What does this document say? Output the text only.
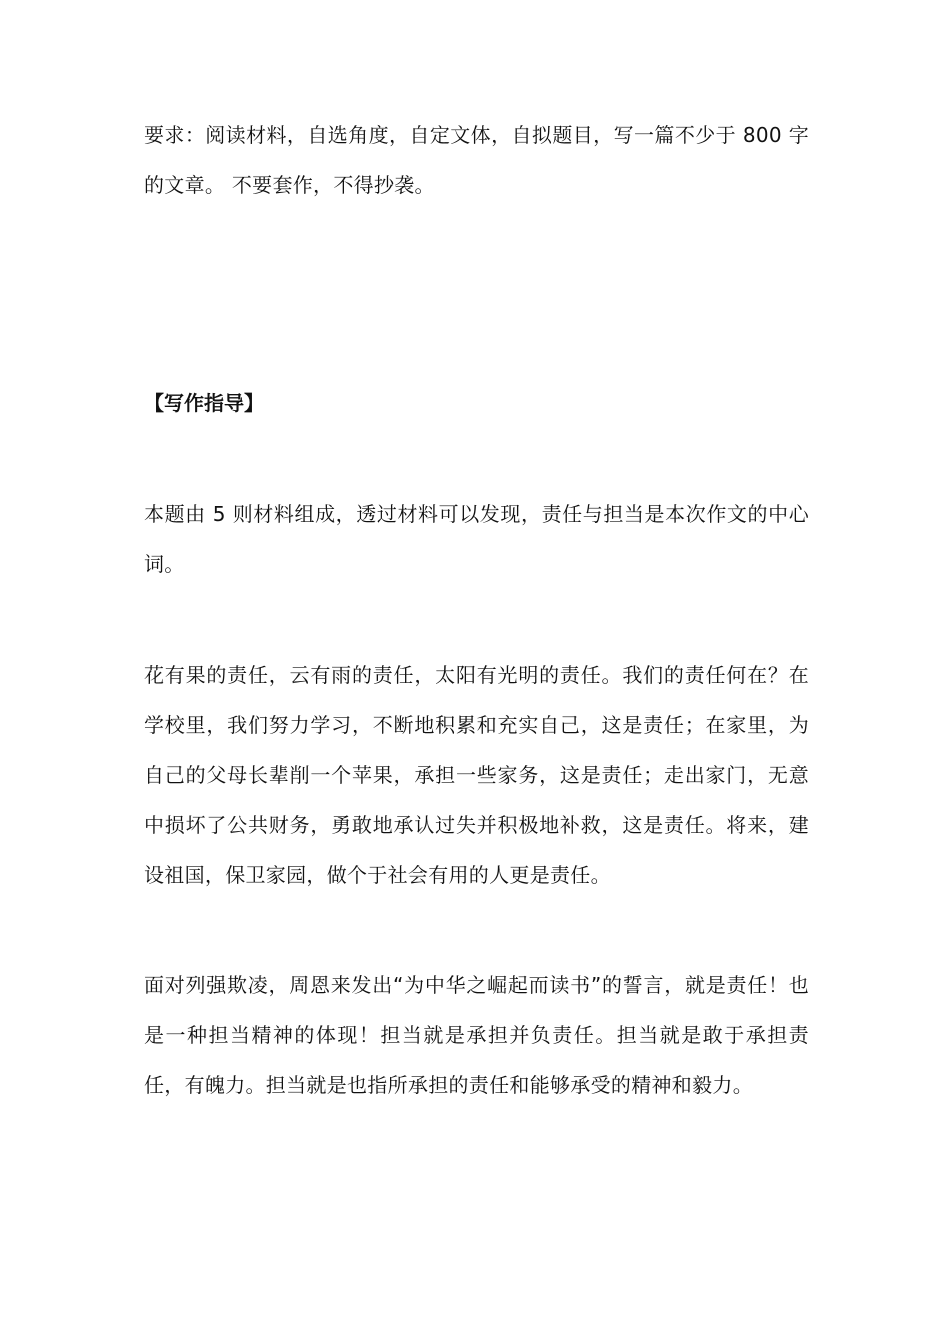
要求：阅读材料，自选角度，自定文体，自拟题目，写一篇不少于 800 字的文章。 不要套作，不得抄袭。

【写作指导】

本题由 5 则材料组成，透过材料可以发现，责任与担当是本次作文的中心词。

花有果的责任，云有雨的责任，太阳有光明的责任。我们的责任何在？在学校里，我们努力学习，不断地积累和充实自己，这是责任；在家里，为自己的父母长辈削一个苹果，承担一些家务，这是责任；走出家门，无意中损坏了公共财务，勇敢地承认过失并积极地补救，这是责任。将来，建设祖国，保卫家园，做个于社会有用的人更是责任。

面对列强欺凌，周恩来发出“为中华之崛起而读书”的誓言，就是责任！也是一种担当精神的体现！担当就是承担并负责任。担当就是敢于承担责任，有魄力。担当就是也指所承担的责任和能够承受的精神和毅力。
